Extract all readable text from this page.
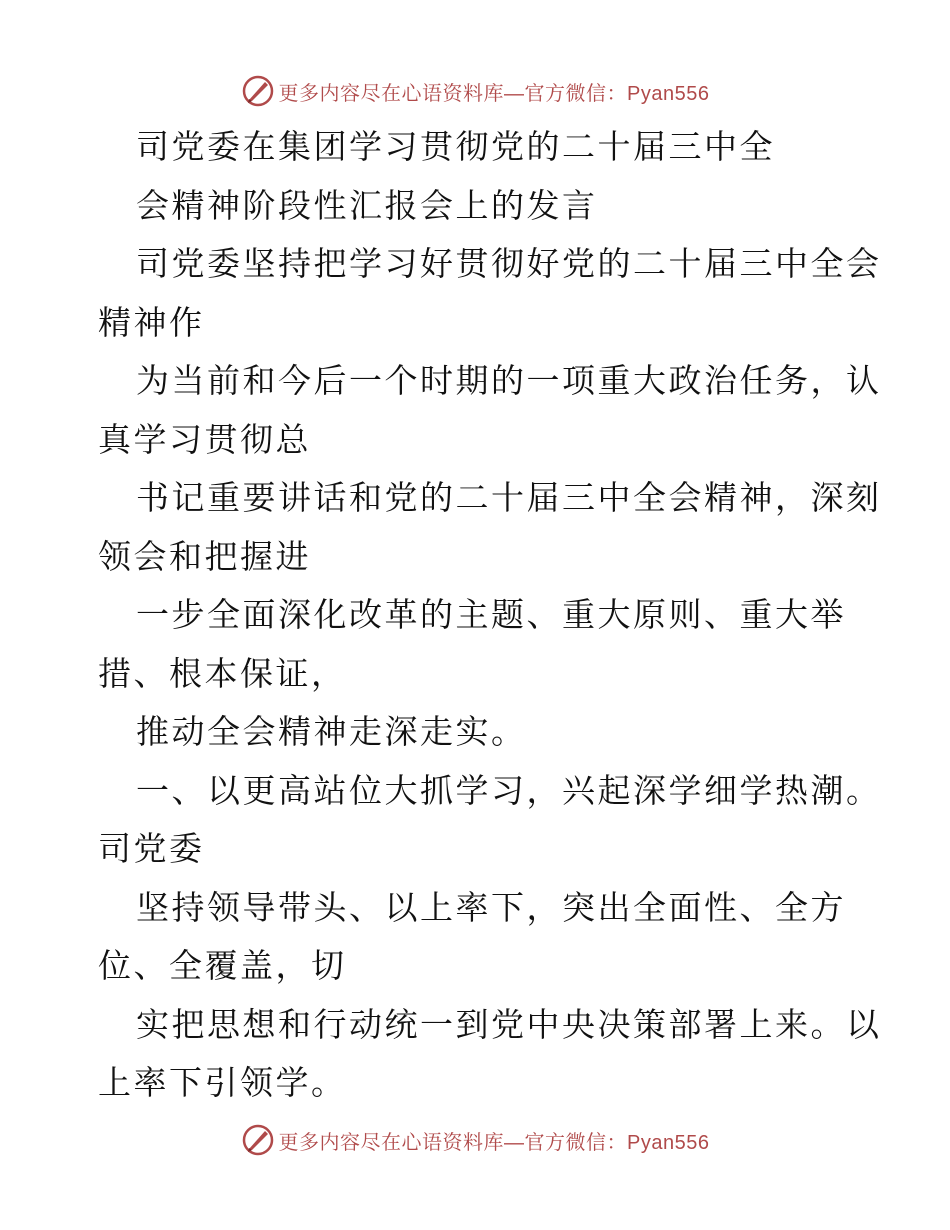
更多内容尽在心语资料库—官方微信：Pyan556
司党委在集团学习贯彻党的二十届三中全
会精神阶段性汇报会上的发言
司党委坚持把学习好贯彻好党的二十届三中全会
精神作
为当前和今后一个时期的一项重大政治任务，认
真学习贯彻总
书记重要讲话和党的二十届三中全会精神，深刻
领会和把握进
一步全面深化改革的主题、重大原则、重大举
措、根本保证，
推动全会精神走深走实。
一、以更高站位大抓学习，兴起深学细学热潮。
司党委
坚持领导带头、以上率下，突出全面性、全方
位、全覆盖，切
实把思想和行动统一到党中央决策部署上来。以
上率下引领学。
更多内容尽在心语资料库—官方微信：Pyan556
